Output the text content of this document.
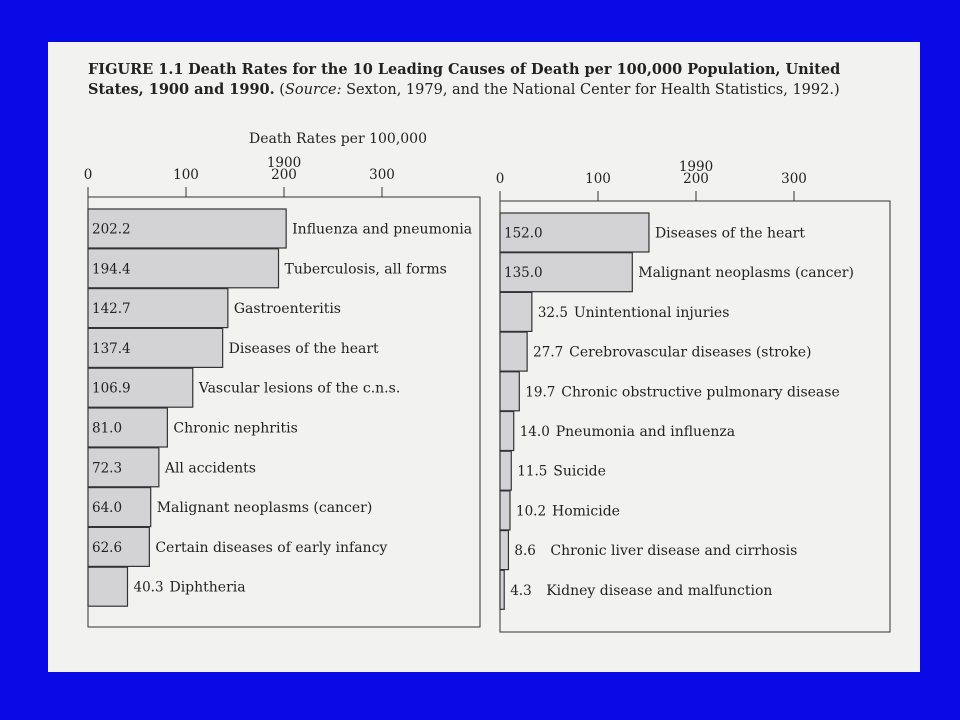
FIGURE 1.1 Death Rates for the 10 Leading Causes of Death per 100,000 Population, United States, 1900 and 1990. (Source: Sexton, 1979, and the National Center for Health Statistics, 1992.)
Death Rates per 100,000
0	100	200	300
1900
202.2	Influenza and pneumonia
194.4	Tuberculosis, all forms
142.7	Gastroenteritis
137.4	Diseases of the heart
106.9	Vascular lesions of the c.n.s.
81.0	Chronic nephritis
72.3	All accidents
64.0 Malignant neoplasms (cancer)
62.6 Certain diseases of early infancy
40.3 Diphtheria
0	100	200	300
1990
152.0	Diseases of the heart
135.0	Malignant neoplasms (cancer)
32.5 Unintentional injuries
27.7 Cerebrovascular diseases (stroke)
19.7 Chronic obstructive pulmonary disease
14.0 Pneumonia and influenza
11.5 Suicide
10.2 Homicide
8.6 Chronic liver disease and cirrhosis
4.3 Kidney disease and malfunction
